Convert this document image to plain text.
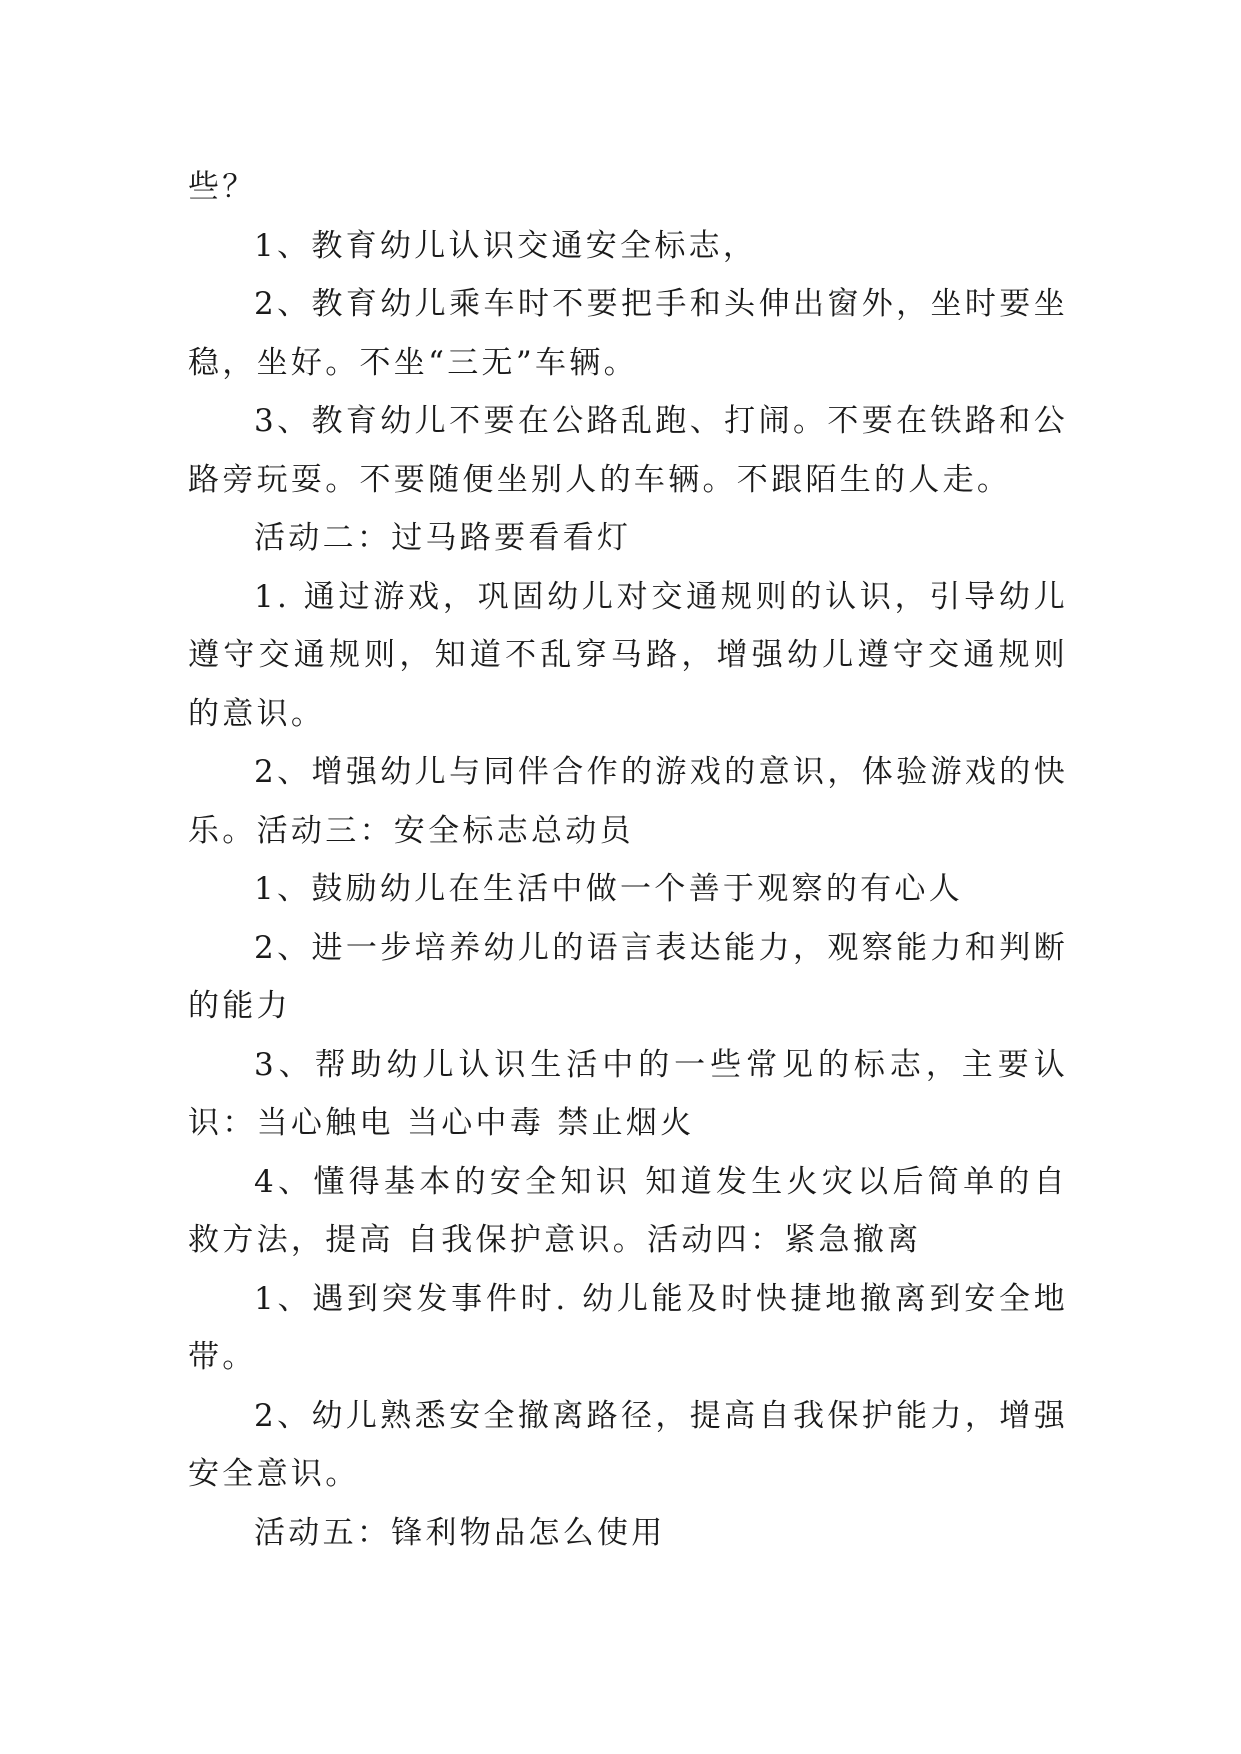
些？

1、教育幼儿认识交通安全标志，

2、教育幼儿乘车时不要把手和头伸出窗外，坐时要坐稳，坐好。不坐“三无”车辆。

3、教育幼儿不要在公路乱跑、打闹。不要在铁路和公路旁玩耍。不要随便坐别人的车辆。不跟陌生的人走。

活动二：过马路要看看灯

1. 通过游戏，巩固幼儿对交通规则的认识，引导幼儿遵守交通规则，知道不乱穿马路，增强幼儿遵守交通规则的意识。

2、增强幼儿与同伴合作的游戏的意识，体验游戏的快乐。活动三：安全标志总动员

1、鼓励幼儿在生活中做一个善于观察的有心人

2、进一步培养幼儿的语言表达能力，观察能力和判断的能力

3、帮助幼儿认识生活中的一些常见的标志，主要认识：当心触电 当心中毒 禁止烟火

4、懂得基本的安全知识 知道发生火灾以后简单的自救方法，提高 自我保护意识。活动四：紧急撤离

1、遇到突发事件时. 幼儿能及时快捷地撤离到安全地带。

2、幼儿熟悉安全撤离路径，提高自我保护能力，增强安全意识。

活动五：锋利物品怎么使用
